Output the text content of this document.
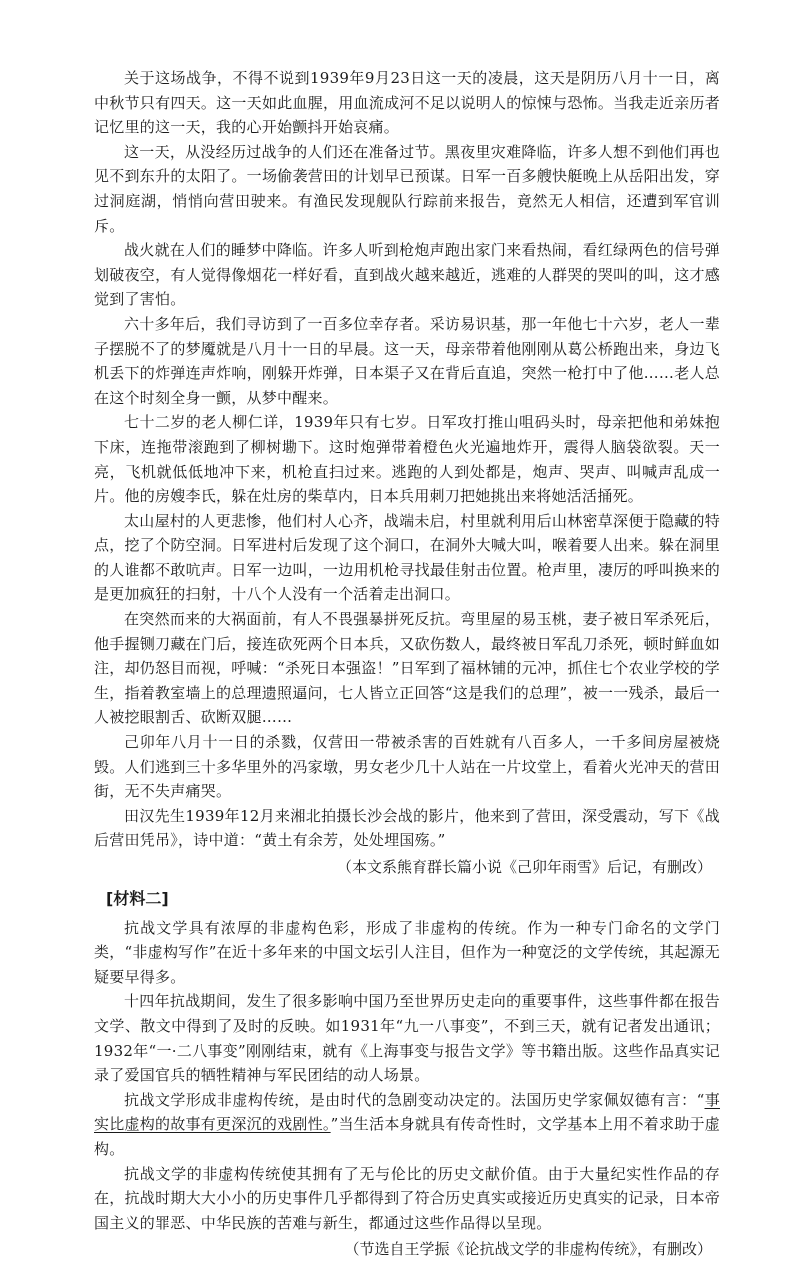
关于这场战争，不得不说到1939年9月23日这一天的凌晨，这天是阴历八月十一日，离中秋节只有四天。这一天如此血腥，用血流成河不足以说明人的惊悚与恐怖。当我走近亲历者记忆里的这一天，我的心开始颤抖开始哀痛。

这一天，从没经历过战争的人们还在准备过节。黑夜里灾难降临，许多人想不到他们再也见不到东升的太阳了。一场偷袭营田的计划早已预谋。日军一百多艘快艇晚上从岳阳出发，穿过洞庭湖，悄悄向营田驶来。有渔民发现舰队行踪前来报告，竟然无人相信，还遭到军官训斥。

战火就在人们的睡梦中降临。许多人听到枪炮声跑出家门来看热闹，看红绿两色的信号弹划破夜空，有人觉得像烟花一样好看，直到战火越来越近，逃难的人群哭的哭叫的叫，这才感觉到了害怕。

六十多年后，我们寻访到了一百多位幸存者。采访易识基，那一年他七十六岁，老人一辈子摆脱不了的梦魇就是八月十一日的早晨。这一天，母亲带着他刚刚从葛公桥跑出来，身边飞机丢下的炸弹连声炸响，刚躲开炸弹，日本渠子又在背后直追，突然一枪打中了他……老人总在这个时刻全身一颤，从梦中醒来。

七十二岁的老人柳仁详，1939年只有七岁。日军攻打推山咀码头时，母亲把他和弟妹抱下床，连拖带滚跑到了柳树墈下。这时炮弹带着橙色火光遍地炸开，震得人脑袋欲裂。天一亮，飞机就低低地冲下来，机枪直扫过来。逃跑的人到处都是，炮声、哭声、叫喊声乱成一片。他的房嫂李氏，躲在灶房的柴草内，日本兵用刺刀把她挑出来将她活活捅死。

太山屋村的人更悲惨，他们村人心齐，战端未启，村里就利用后山林密草深便于隐藏的特点，挖了个防空洞。日军进村后发现了这个洞口，在洞外大喊大叫，喉着要人出来。躲在洞里的人谁都不敢吭声。日军一边叫，一边用机枪寻找最佳射击位置。枪声里，凄厉的呼叫换来的是更加疯狂的扫射，十八个人没有一个活着走出洞口。

在突然而来的大祸面前，有人不畏强暴拼死反抗。弯里屋的易玉桃，妻子被日军杀死后，他手握铡刀藏在门后，接连砍死两个日本兵，又砍伤数人，最终被日军乱刀杀死，顿时鲜血如注，却仍怒目而视，呼喊：“杀死日本强盗！”日军到了福林铺的元冲，抓住七个农业学校的学生，指着教室墙上的总理遗照逼问，七人皆立正回答“这是我们的总理”，被一一残杀，最后一人被挖眼割舌、砍断双腿……

己卯年八月十一日的杀戮，仅营田一带被杀害的百姓就有八百多人，一千多间房屋被烧毁。人们逃到三十多华里外的冯家墩，男女老少几十人站在一片坟堂上，看着火光冲天的营田街，无不失声痛哭。

田汉先生1939年12月来湘北拍摄长沙会战的影片，他来到了营田，深受震动，写下《战后营田凭吊》，诗中道：“黄土有余芳，处处埋国殇。”

（本文系熊育群长篇小说《己卯年雨雪》后记，有删改）

[材料二]

抗战文学具有浓厚的非虚构色彩，形成了非虚构的传统。作为一种专门命名的文学门类，“非虚构写作”在近十多年来的中国文坛引人注目，但作为一种宽泛的文学传统，其起源无疑要早得多。

十四年抗战期间，发生了很多影响中国乃至世界历史走向的重要事件，这些事件都在报告文学、散文中得到了及时的反映。如1931年“九一八事变”，不到三天，就有记者发出通讯；1932年“一·二八事变”刚刚结束，就有《上海事变与报告文学》等书籍出版。这些作品真实记录了爱国官兵的牺牲精神与军民团结的动人场景。

抗战文学形成非虚构传统，是由时代的急剧变动决定的。法国历史学家佩奴德有言：“事实比虚构的故事有更深沉的戏剧性。”当生活本身就具有传奇性时，文学基本上用不着求助于虚构。

抗战文学的非虚构传统使其拥有了无与伦比的历史文献价值。由于大量纪实性作品的存在，抗战时期大大小小的历史事件几乎都得到了符合历史真实或接近历史真实的记录，日本帝国主义的罪恶、中华民族的苦难与新生，都通过这些作品得以呈现。

（节选自王学振《论抗战文学的非虚构传统》，有删改）
